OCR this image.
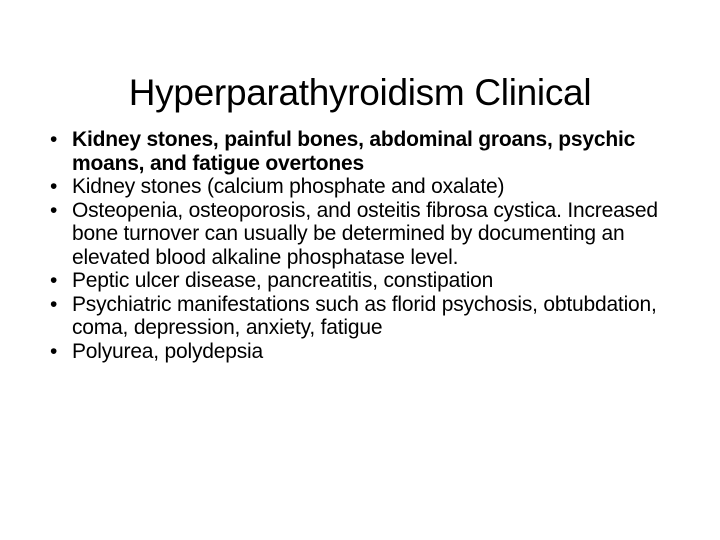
Hyperparathyroidism Clinical
• Kidney stones, painful bones, abdominal groans, psychic moans, and fatigue overtones
• Kidney stones (calcium phosphate and oxalate)
• Osteopenia, osteoporosis, and osteitis fibrosa cystica. Increased bone turnover can usually be determined by documenting an elevated blood alkaline phosphatase level.
• Peptic ulcer disease, pancreatitis, constipation
• Psychiatric manifestations such as florid psychosis, obtubdation, coma, depression, anxiety, fatigue
• Polyurea, polydepsia
